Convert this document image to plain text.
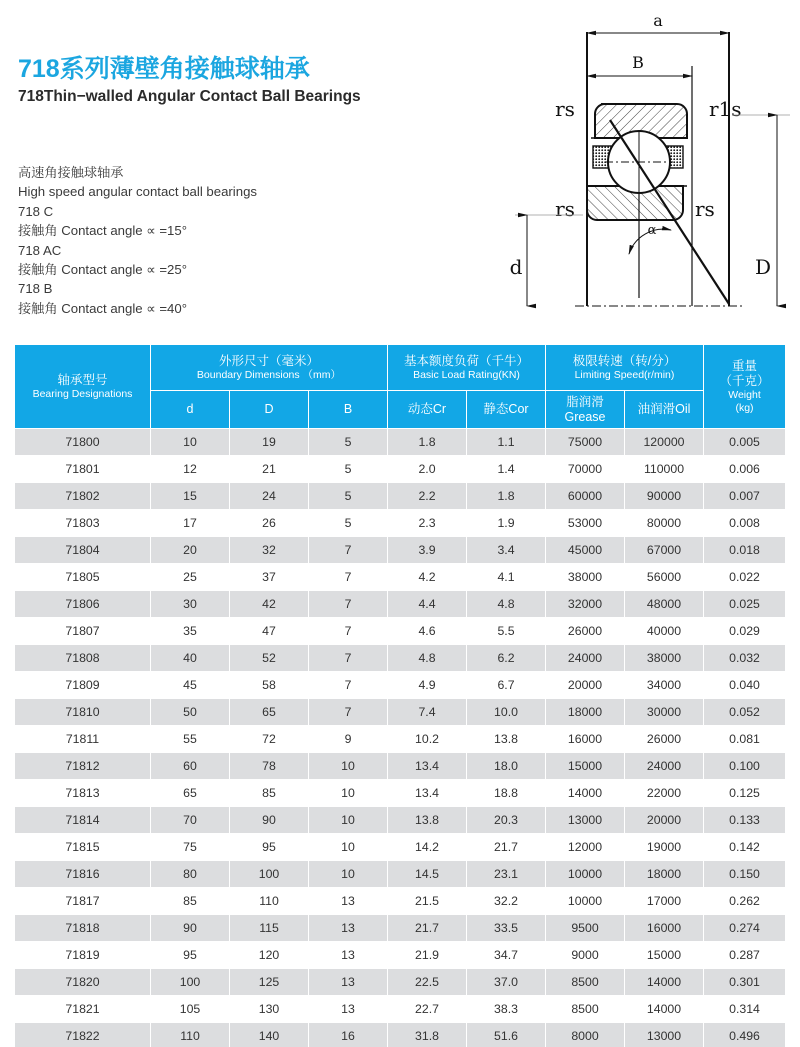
718系列薄壁角接触球轴承
718Thin−walled Angular Contact Ball Bearings
高速角接触球轴承
High speed angular contact ball bearings
718 C
接触角 Contact angle ∝ =15°
718 AC
接触角 Contact angle ∝ =25°
718 B
接触角 Contact angle ∝ =40°
a
B
α
rs	r1s
rs	rs
d	D
轴承型号
Bearing Designations	外形尺寸（毫米）
Boundary Dimensions （mm）			基本额度负荷（千牛）
Basic Load Rating(KN)		极限转速（转/分）
Limiting Speed(r/min)		重量
（千克）
Weight
(kg)

	d	D	B	动态Cr	静态Cor	脂润滑Grease	油润滑Oil	
71800	10	19	5	1.8	1.1	75000	120000	0.005
71801	12	21	5	2.0	1.4	70000	110000	0.006
71802	15	24	5	2.2	1.8	60000	90000	0.007
71803	17	26	5	2.3	1.9	53000	80000	0.008
71804	20	32	7	3.9	3.4	45000	67000	0.018
71805	25	37	7	4.2	4.1	38000	56000	0.022
71806	30	42	7	4.4	4.8	32000	48000	0.025
71807	35	47	7	4.6	5.5	26000	40000	0.029
71808	40	52	7	4.8	6.2	24000	38000	0.032
71809	45	58	7	4.9	6.7	20000	34000	0.040
71810	50	65	7	7.4	10.0	18000	30000	0.052
71811	55	72	9	10.2	13.8	16000	26000	0.081
71812	60	78	10	13.4	18.0	15000	24000	0.100
71813	65	85	10	13.4	18.8	14000	22000	0.125
71814	70	90	10	13.8	20.3	13000	20000	0.133
71815	75	95	10	14.2	21.7	12000	19000	0.142
71816	80	100	10	14.5	23.1	10000	18000	0.150
71817	85	110	13	21.5	32.2	10000	17000	0.262
71818	90	115	13	21.7	33.5	9500	16000	0.274
71819	95	120	13	21.9	34.7	9000	15000	0.287
71820	100	125	13	22.5	37.0	8500	14000	0.301
71821	105	130	13	22.7	38.3	8500	14000	0.314
71822	110	140	16	31.8	51.6	8000	13000	0.496
